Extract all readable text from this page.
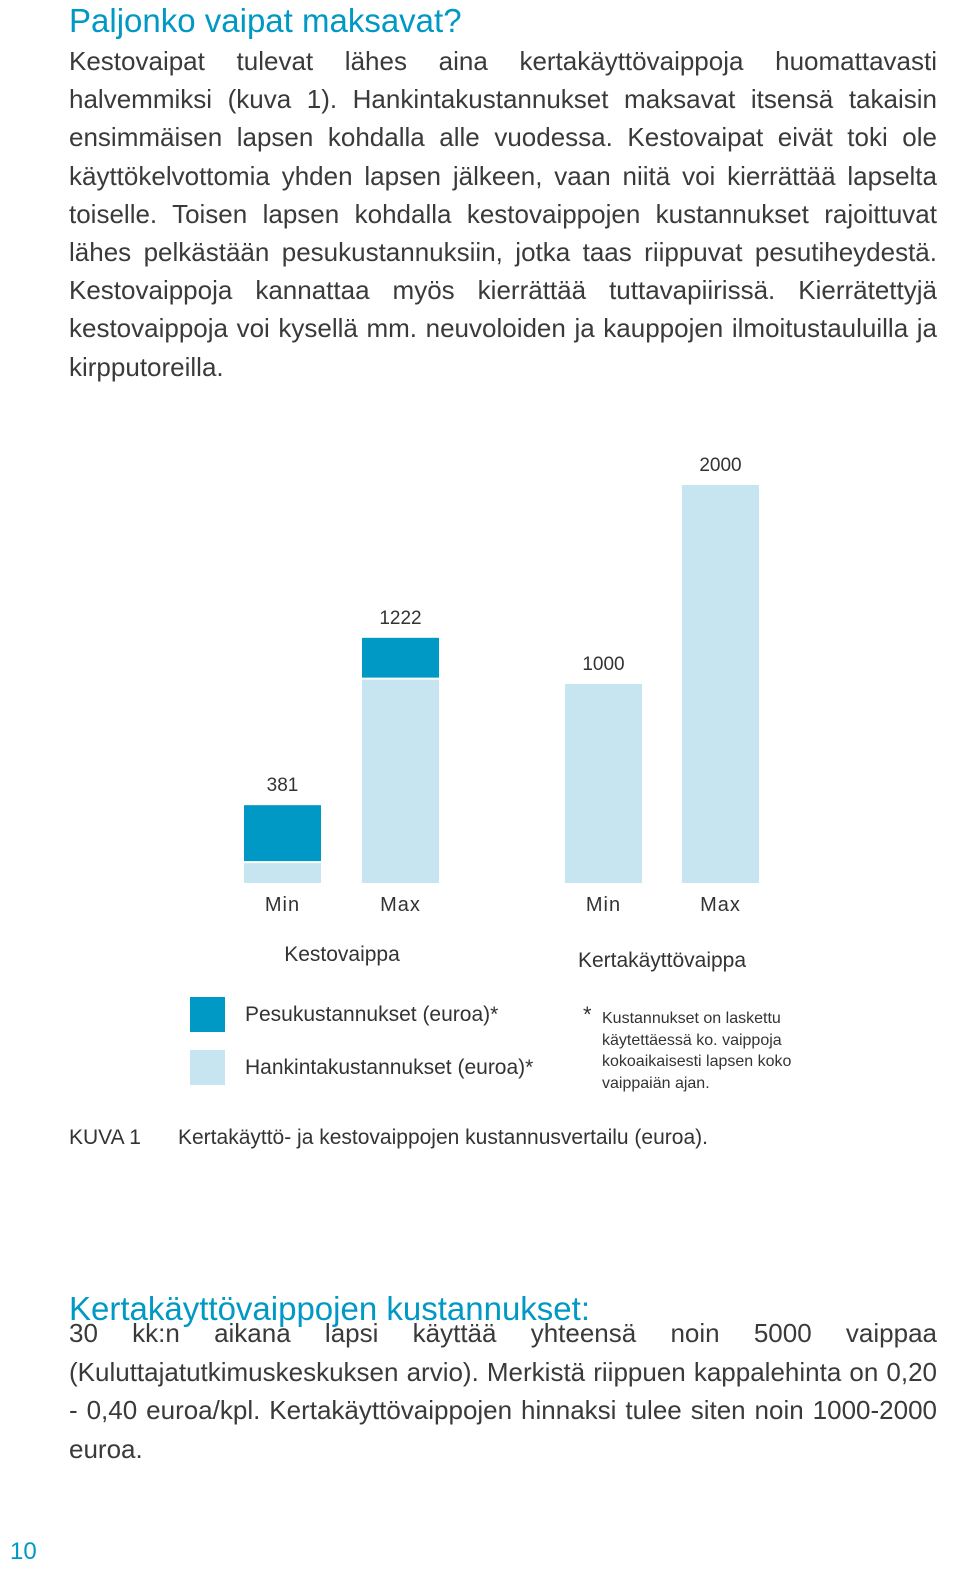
Paljonko vaipat maksavat?

Kestovaipat tulevat lähes aina kertakäyttövaippoja huomattavasti halvemmiksi (kuva 1). Hankintakustannukset maksavat itsensä takaisin ensimmäisen lapsen kohdalla alle vuodessa. Kestovaipat eivät toki ole käyttökelvottomia yhden lapsen jälkeen, vaan niitä voi kierrättää lapselta toiselle. Toisen lapsen kohdalla kestovaippojen kustannukset rajoittuvat lähes pelkästään pesukustannuksiin, jotka taas riippuvat pesutiheydestä. Kestovaippoja kannattaa myös kierrättää tuttavapiirissä. Kierrätettyjä kestovaippoja voi kysellä mm. neuvoloiden ja kauppojen ilmoitustauluilla ja kirpputoreilla.

381
Min
1222
Max
Kestovaippa
1000
Min
2000
Max
Kertakäyttövaippa
Pesukustannukset (euroa)*
Hankintakustannukset (euroa)*
* Kustannukset on laskettu
käytettäessä ko. vaippoja
kokoaikaisesti lapsen koko
vaippaiän ajan.
KUVA 1 Kertakäyttö- ja kestovaippojen kustannusvertailu (euroa).
Kertakäyttövaippojen kustannukset:

30 kk:n aikana lapsi käyttää yhteensä noin 5000 vaippaa (Kuluttajatutkimuskeskuksen arvio). Merkistä riippuen kappalehinta on 0,20 - 0,40 euroa/kpl. Kertakäyttövaippojen hinnaksi tulee siten noin 1000-2000 euroa.

10
